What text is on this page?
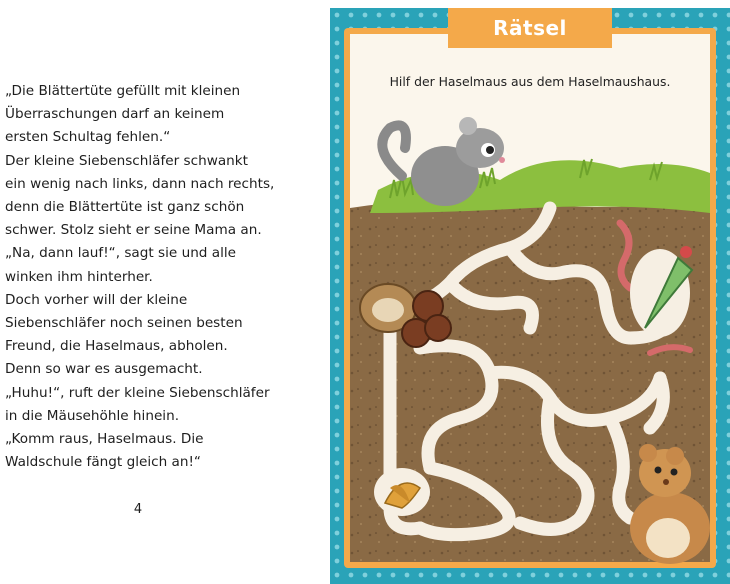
„Die Blättertüte gefüllt mit kleinen
Überraschungen darf an keinem
ersten Schultag fehlen.“
Der kleine Siebenschläfer schwankt
ein wenig nach links, dann nach rechts,
denn die Blättertüte ist ganz schön
schwer. Stolz sieht er seine Mama an.
„Na, dann lauf!“, sagt sie und alle
winken ihm hinterher.
Doch vorher will der kleine
Siebenschläfer noch seinen besten
Freund, die Haselmaus, abholen.
Denn so war es ausgemacht.
„Huhu!“, ruft der kleine Siebenschläfer
in die Mäusehöhle hinein.
„Komm raus, Haselmaus. Die
Waldschule fängt gleich an!“
4
Rätsel
Hilf der Haselmaus aus dem Haselmaushaus.
